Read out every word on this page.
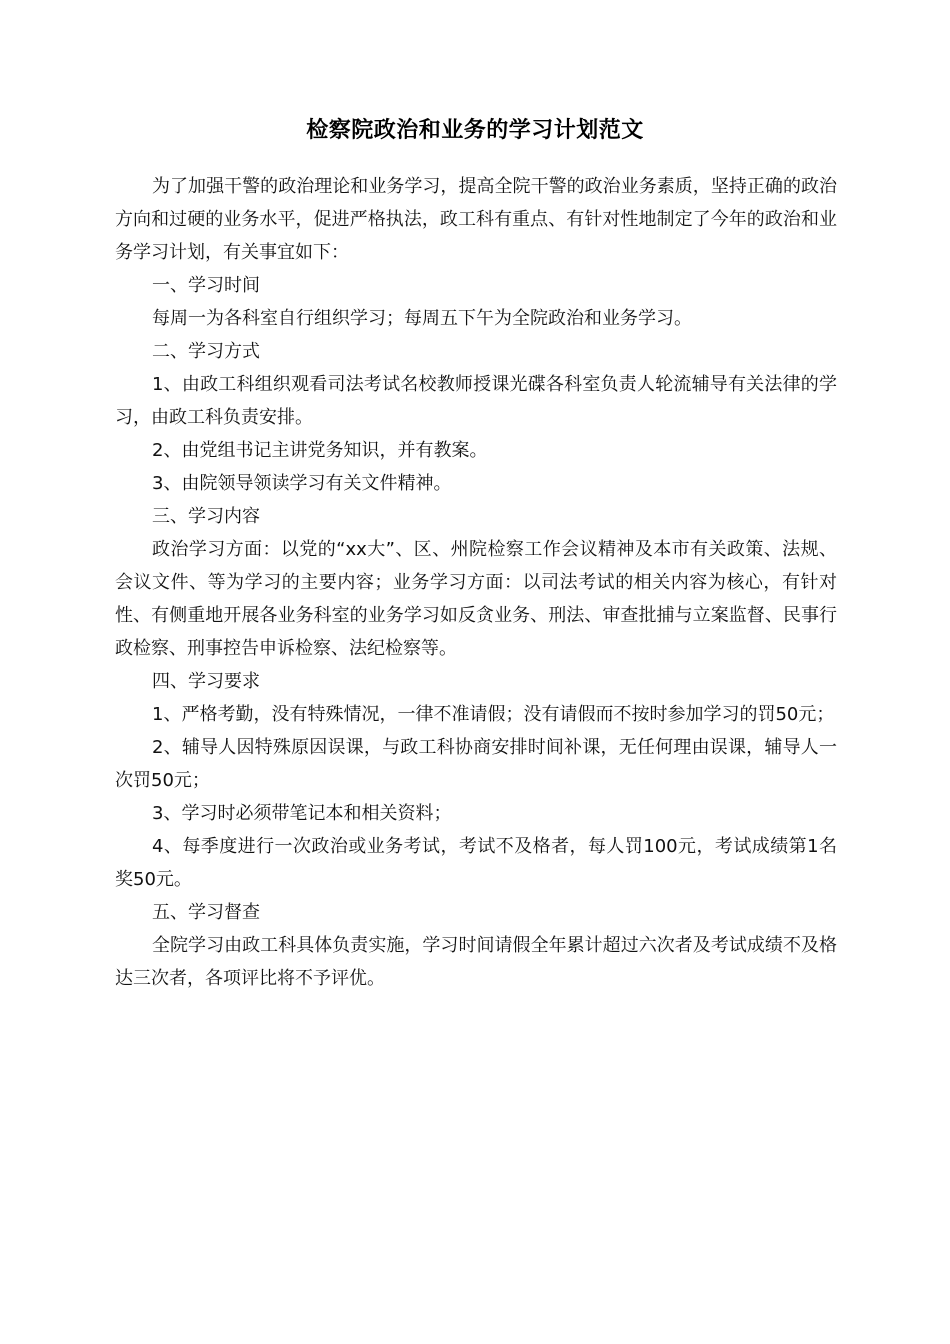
检察院政治和业务的学习计划范文

为了加强干警的政治理论和业务学习，提高全院干警的政治业务素质，坚持正确的政治方向和过硬的业务水平，促进严格执法，政工科有重点、有针对性地制定了今年的政治和业务学习计划，有关事宜如下：

一、学习时间

每周一为各科室自行组织学习；每周五下午为全院政治和业务学习。

二、学习方式

1、由政工科组织观看司法考试名校教师授课光碟各科室负责人轮流辅导有关法律的学习，由政工科负责安排。

2、由党组书记主讲党务知识，并有教案。

3、由院领导领读学习有关文件精神。

三、学习内容

政治学习方面：以党的“xx大”、区、州院检察工作会议精神及本市有关政策、法规、会议文件、等为学习的主要内容；业务学习方面：以司法考试的相关内容为核心，有针对性、有侧重地开展各业务科室的业务学习如反贪业务、刑法、审查批捕与立案监督、民事行政检察、刑事控告申诉检察、法纪检察等。

四、学习要求

1、严格考勤，没有特殊情况，一律不准请假；没有请假而不按时参加学习的罚50元；

2、辅导人因特殊原因误课，与政工科协商安排时间补课，无任何理由误课，辅导人一次罚50元；

3、学习时必须带笔记本和相关资料；

4、每季度进行一次政治或业务考试，考试不及格者，每人罚100元，考试成绩第1名奖50元。

五、学习督查

全院学习由政工科具体负责实施，学习时间请假全年累计超过六次者及考试成绩不及格达三次者，各项评比将不予评优。
